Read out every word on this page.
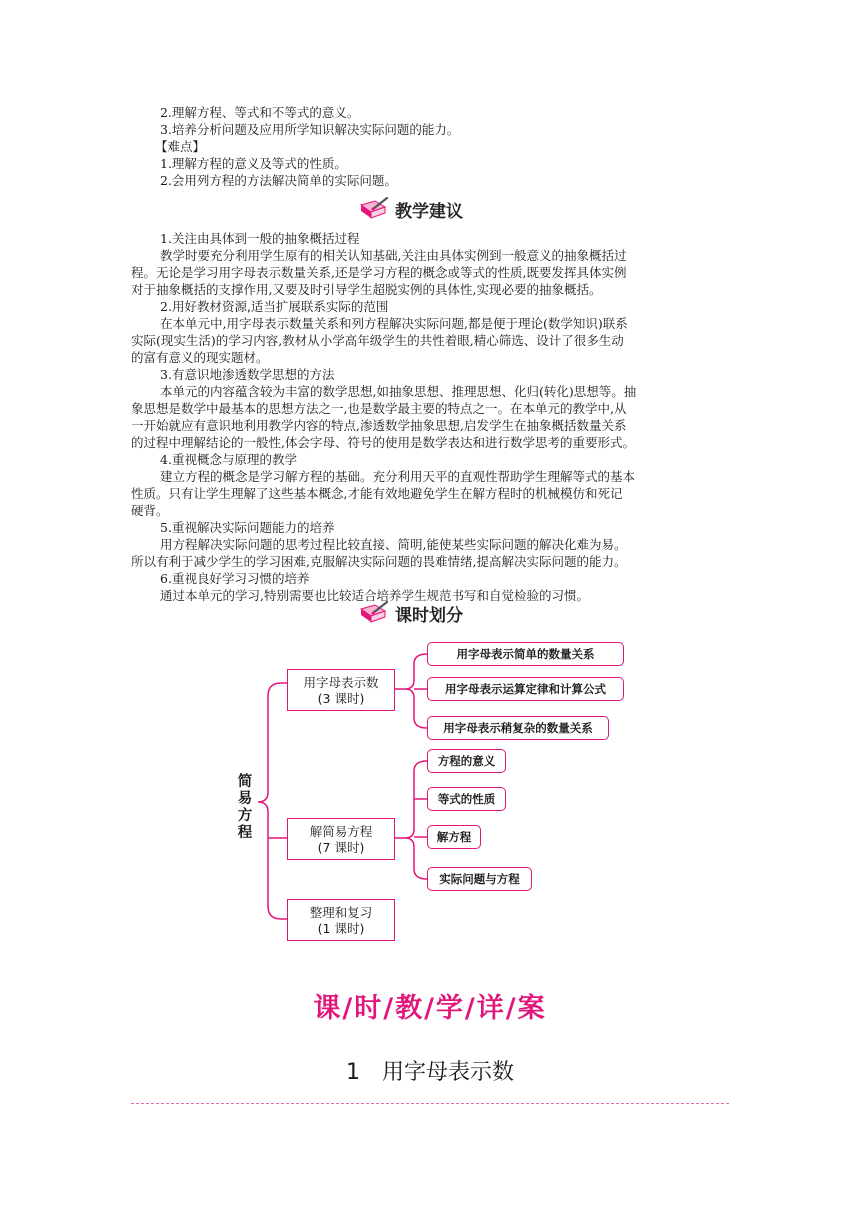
2.理解方程、等式和不等式的意义。
3.培养分析问题及应用所学知识解决实际问题的能力。
【难点】
1.理解方程的意义及等式的性质。
2.会用列方程的方法解决简单的实际问题。
教学建议
1.关注由具体到一般的抽象概括过程
教学时要充分利用学生原有的相关认知基础,关注由具体实例到一般意义的抽象概括过
程。无论是学习用字母表示数量关系,还是学习方程的概念或等式的性质,既要发挥具体实例
对于抽象概括的支撑作用,又要及时引导学生超脱实例的具体性,实现必要的抽象概括。
2.用好教材资源,适当扩展联系实际的范围
在本单元中,用字母表示数量关系和列方程解决实际问题,都是便于理论(数学知识)联系
实际(现实生活)的学习内容,教材从小学高年级学生的共性着眼,精心筛选、设计了很多生动
的富有意义的现实题材。
3.有意识地渗透数学思想的方法
本单元的内容蕴含较为丰富的数学思想,如抽象思想、推理思想、化归(转化)思想等。抽
象思想是数学中最基本的思想方法之一,也是数学最主要的特点之一。在本单元的教学中,从
一开始就应有意识地利用教学内容的特点,渗透数学抽象思想,启发学生在抽象概括数量关系
的过程中理解结论的一般性,体会字母、符号的使用是数学表达和进行数学思考的重要形式。
4.重视概念与原理的教学
建立方程的概念是学习解方程的基础。充分利用天平的直观性帮助学生理解等式的基本
性质。只有让学生理解了这些基本概念,才能有效地避免学生在解方程时的机械模仿和死记
硬背。
5.重视解决实际问题能力的培养
用方程解决实际问题的思考过程比较直接、简明,能使某些实际问题的解决化难为易。
所以有利于减少学生的学习困难,克服解决实际问题的畏难情绪,提高解决实际问题的能力。
6.重视良好学习习惯的培养
通过本单元的学习,特别需要也比较适合培养学生规范书写和自觉检验的习惯。
课时划分
简
易
方
程
用字母表示数
(3 课时)
解简易方程
(7 课时)
整理和复习
(1 课时)
用字母表示简单的数量关系
用字母表示运算定律和计算公式
用字母表示稍复杂的数量关系
方程的意义
等式的性质
解方程
实际问题与方程
课/时/教/学/详/案
1 用字母表示数
